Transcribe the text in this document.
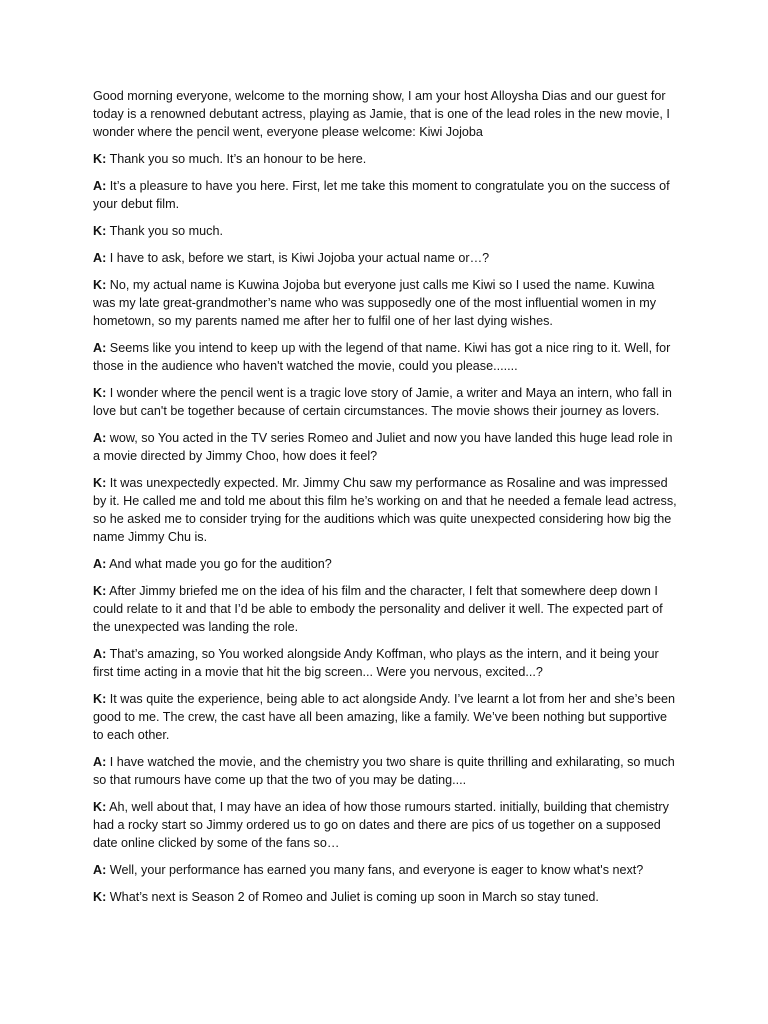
Good morning everyone, welcome to the morning show, I am your host Alloysha Dias and our guest for today is a renowned debutant actress, playing as Jamie, that is one of the lead roles in the new movie, I wonder where the pencil went, everyone please welcome: Kiwi Jojoba

K: Thank you so much. It’s an honour to be here.

A: It’s a pleasure to have you here. First, let me take this moment to congratulate you on the success of your debut film.

K: Thank you so much.

A: I have to ask, before we start, is Kiwi Jojoba your actual name or…?

K: No, my actual name is Kuwina Jojoba but everyone just calls me Kiwi so I used the name. Kuwina was my late great-grandmother’s name who was supposedly one of the most influential women in my hometown, so my parents named me after her to fulfil one of her last dying wishes.

A: Seems like you intend to keep up with the legend of that name. Kiwi has got a nice ring to it. Well, for those in the audience who haven't watched the movie, could you please.......

K: I wonder where the pencil went is a tragic love story of Jamie, a writer and Maya an intern, who fall in love but can't be together because of certain circumstances. The movie shows their journey as lovers.

A: wow, so You acted in the TV series Romeo and Juliet and now you have landed this huge lead role in a movie directed by Jimmy Choo, how does it feel?

K: It was unexpectedly expected. Mr. Jimmy Chu saw my performance as Rosaline and was impressed by it. He called me and told me about this film he’s working on and that he needed a female lead actress, so he asked me to consider trying for the auditions which was quite unexpected considering how big the name Jimmy Chu is.

A: And what made you go for the audition?

K: After Jimmy briefed me on the idea of his film and the character, I felt that somewhere deep down I could relate to it and that I’d be able to embody the personality and deliver it well. The expected part of the unexpected was landing the role.

A: That’s amazing, so You worked alongside Andy Koffman, who plays as the intern, and it being your first time acting in a movie that hit the big screen... Were you nervous, excited...?

K: It was quite the experience, being able to act alongside Andy. I’ve learnt a lot from her and she’s been good to me. The crew, the cast have all been amazing, like a family. We’ve been nothing but supportive to each other.

A: I have watched the movie, and the chemistry you two share is quite thrilling and exhilarating, so much so that rumours have come up that the two of you may be dating....

K: Ah, well about that, I may have an idea of how those rumours started. initially, building that chemistry had a rocky start so Jimmy ordered us to go on dates and there are pics of us together on a supposed date online clicked by some of the fans so…

A: Well, your performance has earned you many fans, and everyone is eager to know what's next?

K: What’s next is Season 2 of Romeo and Juliet is coming up soon in March so stay tuned.
